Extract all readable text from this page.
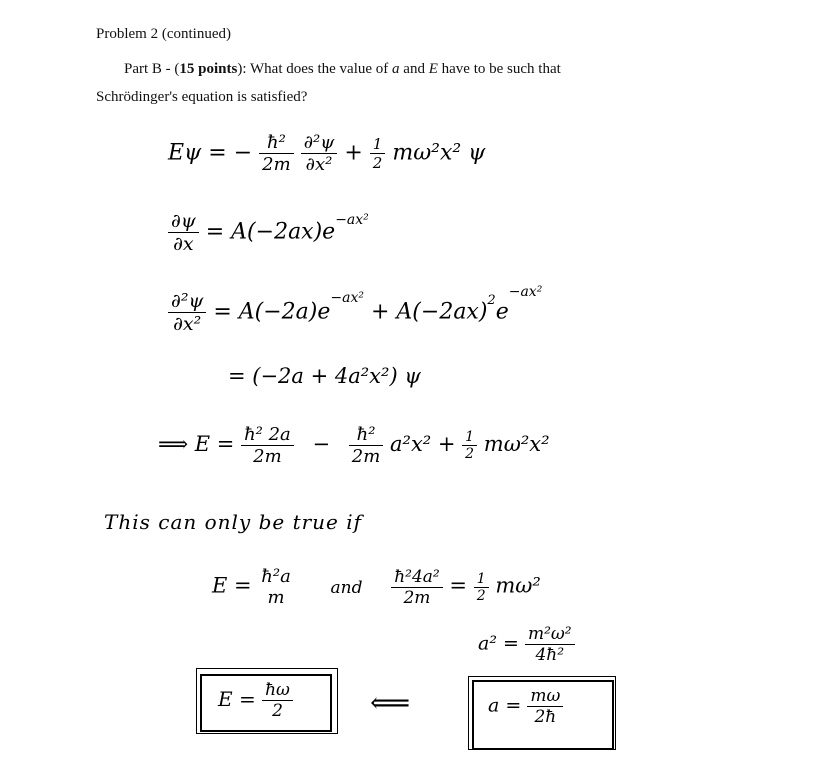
Problem 2 (continued)
Part B - (15 points): What does the value of a and E have to be such that
Schrödinger's equation is satisfied?
Eψ = − $\frac{\text{ħ²}}{2m}$
$\frac{\text{∂²ψ}}{\text{∂x²}} + \frac{1}{2} m\omega^2x^2$ ψ
$\frac{\partial\psi}{\partial x} = A(-2ax)e^{-ax^2}$
$\frac{\text{∂²ψ}}{\text{∂x²}} = A(-2a)e^{-ax^2} + A(-2ax)^2e^{-ax^2}$
= (−2a + 4a²x²) ψ
⟹ $E = \frac{\text{ħ² 2a}}{2m} - \frac{\text{ħ²}}{2m} a^2x^2 + \frac{1}{2} m\omega^2x^2$
This can only be true if
E = ħ²a
m	and $\frac{\text{ħ²4a²}}{2m} = \frac{1}{2} m\omega^2$
$a^2 = \frac{\text{m²ω²}}{\text{4ħ²}}$
$E = \frac{ħ\omega}{2}$	⟸	$a = \frac{m\omega}{2ħ}$
